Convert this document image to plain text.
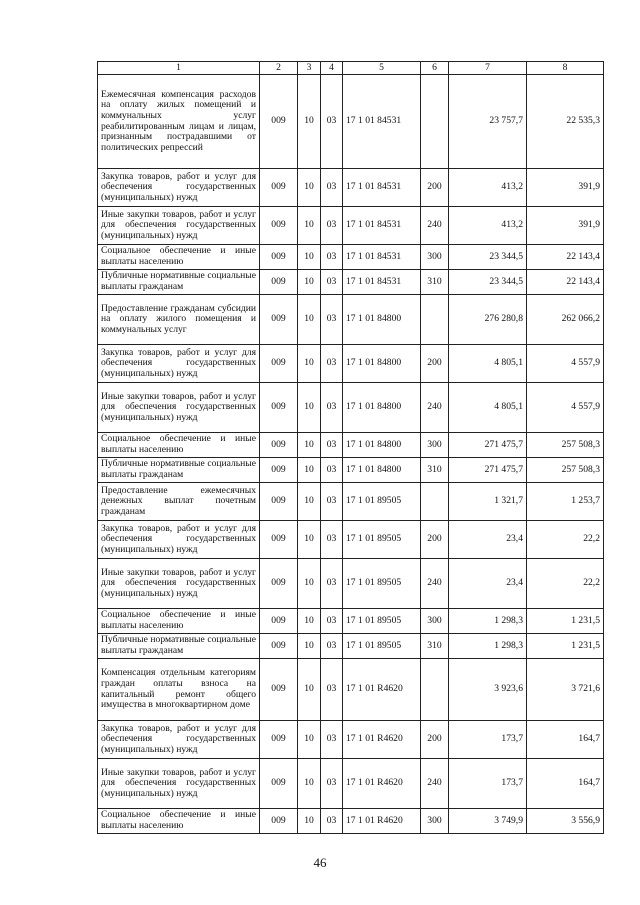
1	2	3	4	5	6	7	8
Ежемесячная компенсация расходов на оплату жилых помещений и коммунальных услуг реабилитированным лицам и лицам, признанным пострадавшими от политических репрессий	009	10	03	17 1 01 84531		23 757,7	22 535,3
Закупка товаров, работ и услуг для обеспечения государственных (муниципальных) нужд	009	10	03	17 1 01 84531	200	413,2	391,9
Иные закупки товаров, работ и услуг для обеспечения государственных (муниципальных) нужд	009	10	03	17 1 01 84531	240	413,2	391,9
Социальное обеспечение и иные выплаты населению	009	10	03	17 1 01 84531	300	23 344,5	22 143,4
Публичные нормативные социальные выплаты гражданам	009	10	03	17 1 01 84531	310	23 344,5	22 143,4
Предоставление гражданам субсидии на оплату жилого помещения и коммунальных услуг	009	10	03	17 1 01 84800		276 280,8	262 066,2
Закупка товаров, работ и услуг для обеспечения государственных (муниципальных) нужд	009	10	03	17 1 01 84800	200	4 805,1	4 557,9
Иные закупки товаров, работ и услуг для обеспечения государственных (муниципальных) нужд	009	10	03	17 1 01 84800	240	4 805,1	4 557,9
Социальное обеспечение и иные выплаты населению	009	10	03	17 1 01 84800	300	271 475,7	257 508,3
Публичные нормативные социальные выплаты гражданам	009	10	03	17 1 01 84800	310	271 475,7	257 508,3
Предоставление ежемесячных денежных выплат почетным гражданам	009	10	03	17 1 01 89505		1 321,7	1 253,7
Закупка товаров, работ и услуг для обеспечения государственных (муниципальных) нужд	009	10	03	17 1 01 89505	200	23,4	22,2
Иные закупки товаров, работ и услуг для обеспечения государственных (муниципальных) нужд	009	10	03	17 1 01 89505	240	23,4	22,2
Социальное обеспечение и иные выплаты населению	009	10	03	17 1 01 89505	300	1 298,3	1 231,5
Публичные нормативные социальные выплаты гражданам	009	10	03	17 1 01 89505	310	1 298,3	1 231,5
Компенсация отдельным категориям граждан оплаты взноса на капитальный ремонт общего имущества в многоквартирном доме	009	10	03	17 1 01 R4620		3 923,6	3 721,6
Закупка товаров, работ и услуг для обеспечения государственных (муниципальных) нужд	009	10	03	17 1 01 R4620	200	173,7	164,7
Иные закупки товаров, работ и услуг для обеспечения государственных (муниципальных) нужд	009	10	03	17 1 01 R4620	240	173,7	164,7
Социальное обеспечение и иные выплаты населению	009	10	03	17 1 01 R4620	300	3 749,9	3 556,9
46
